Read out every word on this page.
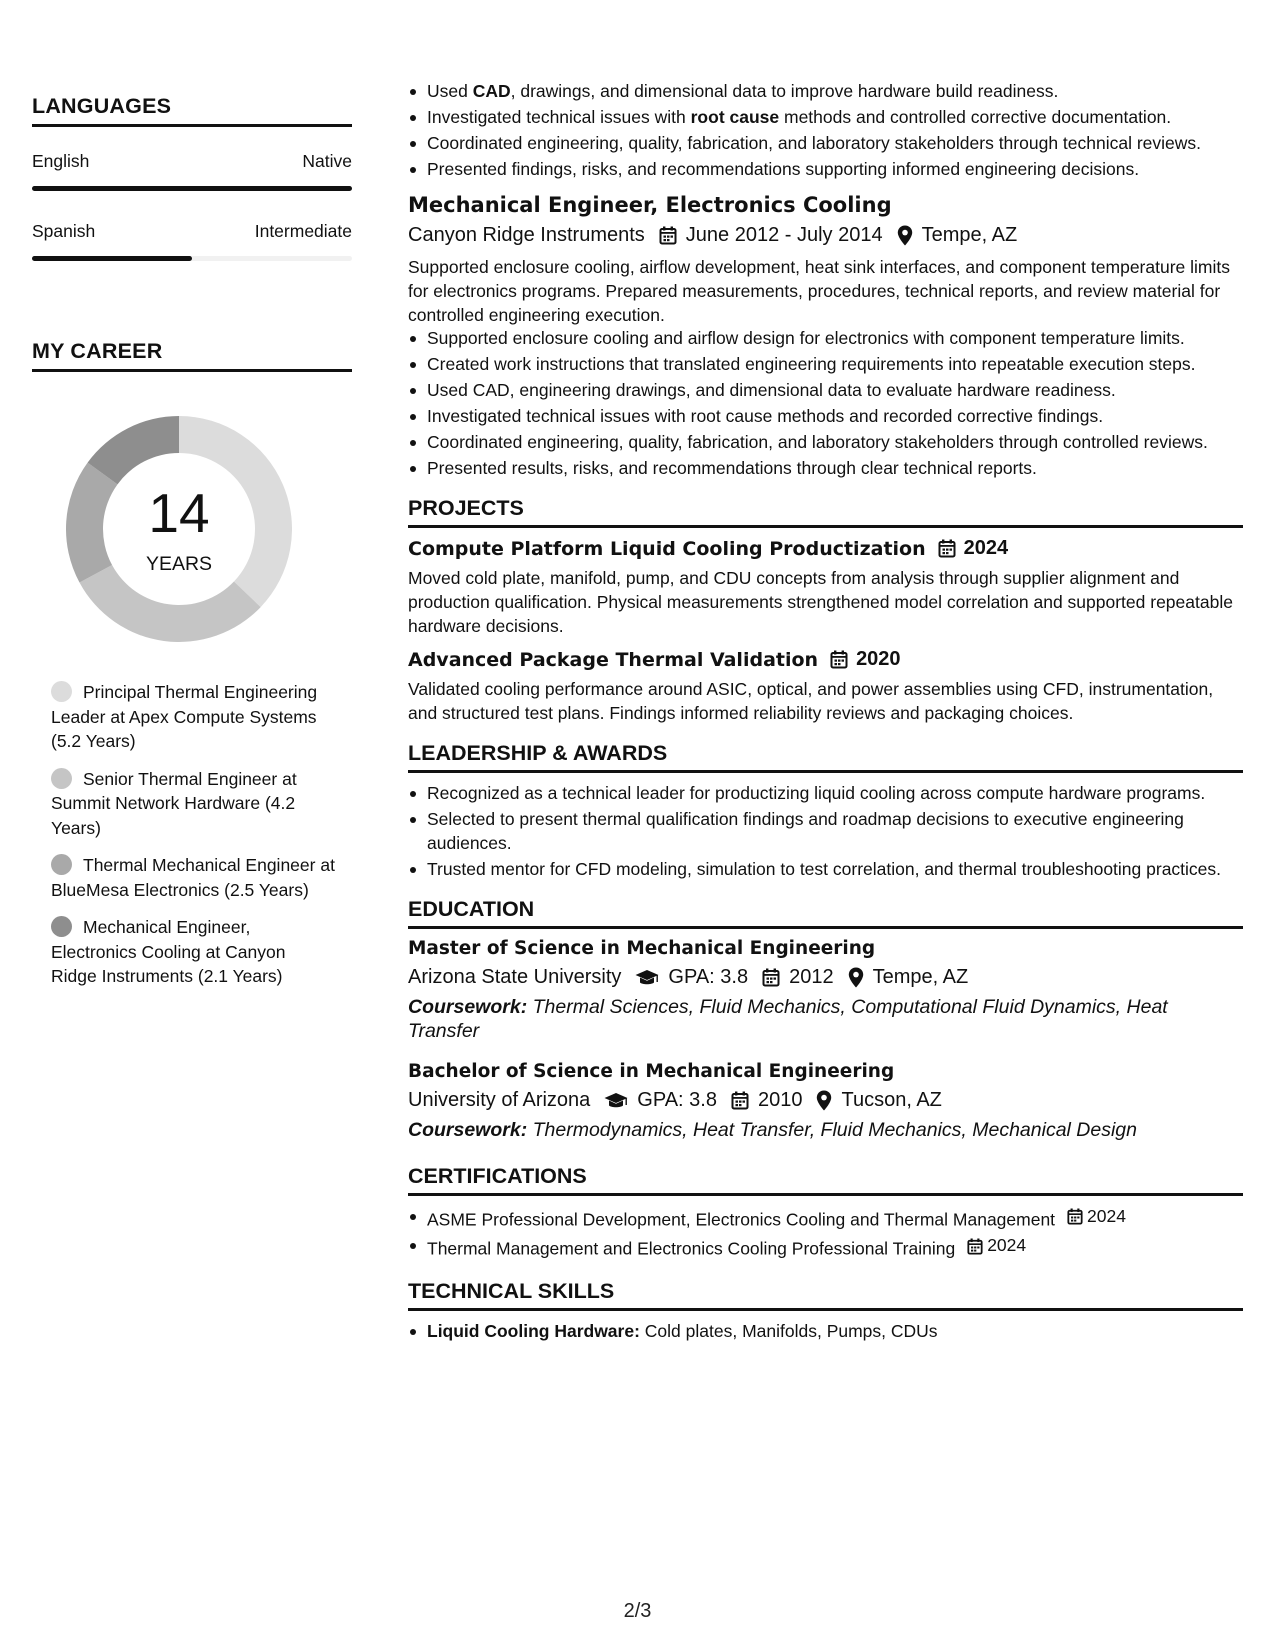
LANGUAGES
English	Native
Spanish	Intermediate
MY CAREER
14
YEARS
Principal Thermal Engineering Leader at Apex Compute Systems (5.2 Years)
Senior Thermal Engineer at Summit Network Hardware (4.2 Years)
Thermal Mechanical Engineer at BlueMesa Electronics (2.5 Years)
Mechanical Engineer, Electronics Cooling at Canyon Ridge Instruments (2.1 Years)
Used CAD, drawings, and dimensional data to improve hardware build readiness.
Investigated technical issues with root cause methods and controlled corrective documentation.
Coordinated engineering, quality, fabrication, and laboratory stakeholders through technical reviews.
Presented findings, risks, and recommendations supporting informed engineering decisions.
Mechanical Engineer, Electronics Cooling
Canyon Ridge Instruments June 2012 - July 2014 Tempe, AZ
Supported enclosure cooling, airflow development, heat sink interfaces, and component temperature limits for electronics programs. Prepared measurements, procedures, technical reports, and review material for controlled engineering execution.
Supported enclosure cooling and airflow design for electronics with component temperature limits.
Created work instructions that translated engineering requirements into repeatable execution steps.
Used CAD, engineering drawings, and dimensional data to evaluate hardware readiness.
Investigated technical issues with root cause methods and recorded corrective findings.
Coordinated engineering, quality, fabrication, and laboratory stakeholders through controlled reviews.
Presented results, risks, and recommendations through clear technical reports.
PROJECTS
Compute Platform Liquid Cooling Productization 2024
Moved cold plate, manifold, pump, and CDU concepts from analysis through supplier alignment and production qualification. Physical measurements strengthened model correlation and supported repeatable hardware decisions.
Advanced Package Thermal Validation 2020
Validated cooling performance around ASIC, optical, and power assemblies using CFD, instrumentation, and structured test plans. Findings informed reliability reviews and packaging choices.
LEADERSHIP & AWARDS
Recognized as a technical leader for productizing liquid cooling across compute hardware programs.
Selected to present thermal qualification findings and roadmap decisions to executive engineering audiences.
Trusted mentor for CFD modeling, simulation to test correlation, and thermal troubleshooting practices.
EDUCATION
Master of Science in Mechanical Engineering
Arizona State University GPA: 3.8 2012 Tempe, AZ
Coursework: Thermal Sciences, Fluid Mechanics, Computational Fluid Dynamics, Heat Transfer
Bachelor of Science in Mechanical Engineering
University of Arizona GPA: 3.8 2010 Tucson, AZ
Coursework: Thermodynamics, Heat Transfer, Fluid Mechanics, Mechanical Design
CERTIFICATIONS
ASME Professional Development, Electronics Cooling and Thermal Management 2024
Thermal Management and Electronics Cooling Professional Training 2024
TECHNICAL SKILLS
Liquid Cooling Hardware: Cold plates, Manifolds, Pumps, CDUs
2/3
